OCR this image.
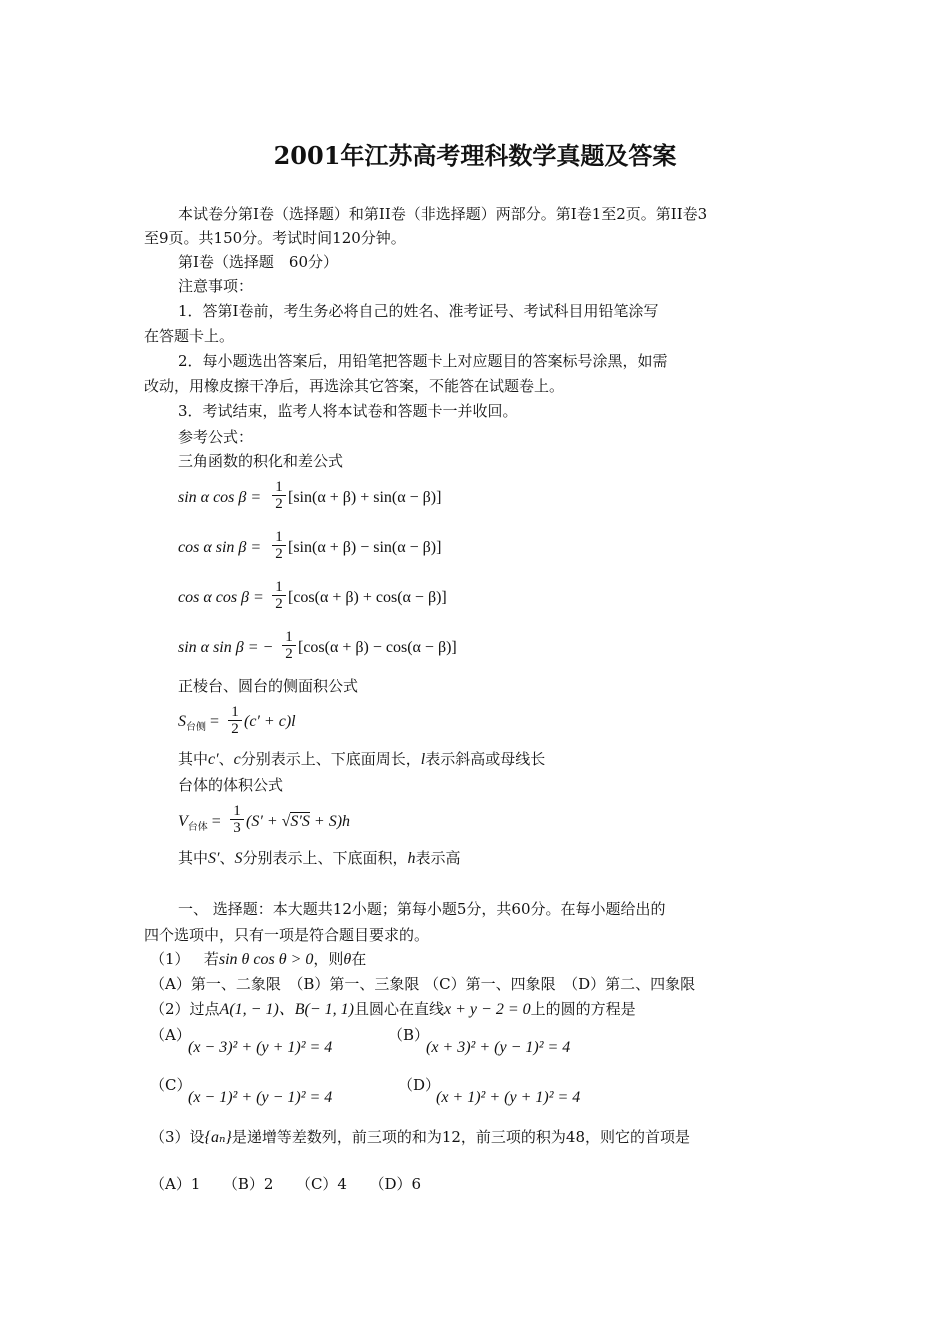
2001年江苏高考理科数学真题及答案
本试卷分第I卷（选择题）和第II卷（非选择题）两部分。第I卷1至2页。第II卷3
至9页。共150分。考试时间120分钟。
第I卷（选择题　60分）
注意事项：
1．答第I卷前，考生务必将自己的姓名、准考证号、考试科目用铅笔涂写
在答题卡上。
2．每小题选出答案后，用铅笔把答题卡上对应题目的答案标号涂黑，如需
改动，用橡皮擦干净后，再选涂其它答案，不能答在试题卷上。
3．考试结束，监考人将本试卷和答题卡一并收回。
参考公式：
三角函数的积化和差公式
sin α $\cos \beta = \frac{1}{2} [\sin(\alpha + \beta) + \sin(\alpha - \beta)]$
cos α $\sin \beta = \frac{1}{2} [\sin(\alpha + \beta) - \sin(\alpha - \beta)]$
cos α $\cos \beta = \frac{1}{2} [\cos(\alpha + \beta) + \cos(\alpha - \beta)]$
sin α sin β = − $\frac{1}{2} [\cos(\alpha + \beta) - \cos(\alpha - \beta)]$
正棱台、圆台的侧面积公式
$S_{台侧} = \frac{1}{2} (c' + c)l$
其中c′、c分别表示上、下底面周长，l表示斜高或母线长
台体的体积公式
$V_{台体} = \frac{1}{3} (S' + √S'S + S)h$
其中S′、S分别表示上、下底面积，h表示高
一、 选择题：本大题共12小题；第每小题5分，共60分。在每小题给出的
四个选项中，只有一项是符合题目要求的。
（1） 若sin θ cos θ > 0，则θ在
（A）第一、二象限　（B）第一、三象限 （C）第一、四象限　（D）第二、四象限
（2）过点A(1, − 1)、B(− 1, 1)且圆心在直线x + y − 2 = 0上的圆的方程是
（A）
(x − 3)² + (y + 1)² = 4
（B）
(x + 3)² + (y − 1)² = 4
（C）
(x − 1)² + (y − 1)² = 4
（D）
(x + 1)² + (y + 1)² = 4
（3）设{aₙ}是递增等差数列，前三项的和为12，前三项的积为48，则它的首项是
（A）1　　（B）2　　（C）4　　（D）6
